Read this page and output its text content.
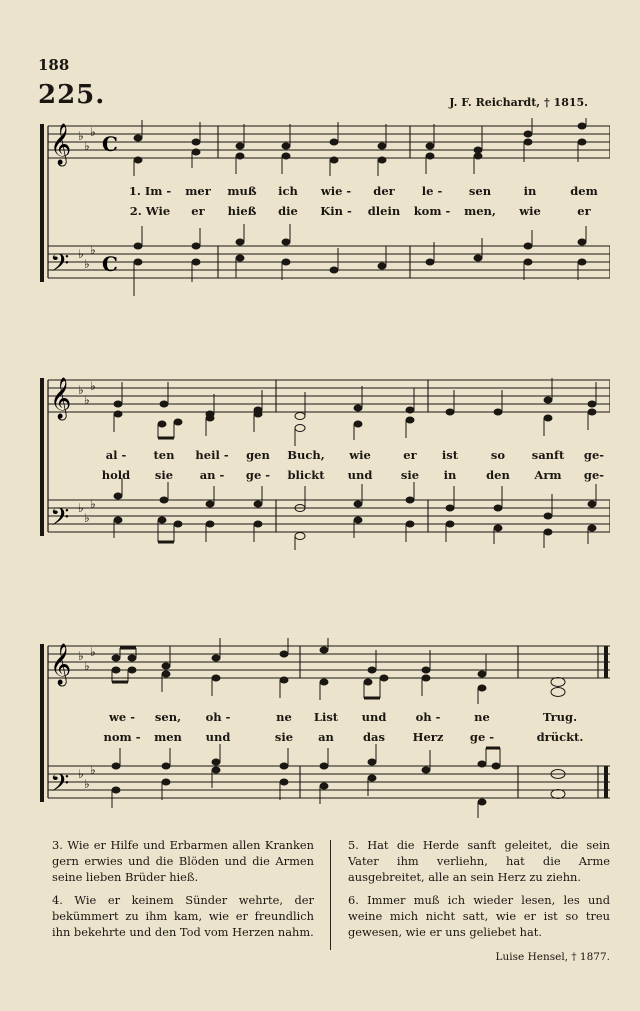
188
225.	J. F. Reichardt, † 1815.
𝄞
𝄢
♭
♭
♭
♭
♭
♭
C
C
1. Im - mer muß ich wie - der le - sen	in	dem
2. Wie er hieß die Kin - dlein kom - men, wie	er
𝄞
𝄢
♭
♭
♭
♭
♭
♭
al - ten heil - gen Buch, wie	er ist	so sanft ge-
hold sie an - ge - blickt und sie in	den Arm ge-
𝄞
𝄢
♭
♭
♭
♭
♭
♭
we - sen, oh -	ne List und	oh -	ne	Trug.
nom - men und	sie an	das Herz ge -	drückt.

3. Wie er Hilfe und Erbarmen allen Kranken gern erwies und die Blöden und die Armen seine lieben Brüder hieß.

4. Wie er keinem Sünder wehrte, der bekümmert zu ihm kam, wie er freundlich ihn bekehrte und den Tod vom Herzen nahm.

5. Hat die Herde sanft geleitet, die sein Vater ihm verliehn, hat die Arme ausgebreitet, alle an sein Herz zu ziehn.

6. Immer muß ich wieder lesen, les und weine mich nicht satt, wie er ist so treu gewesen, wie er uns geliebet hat.

Luise Hensel, † 1877.
